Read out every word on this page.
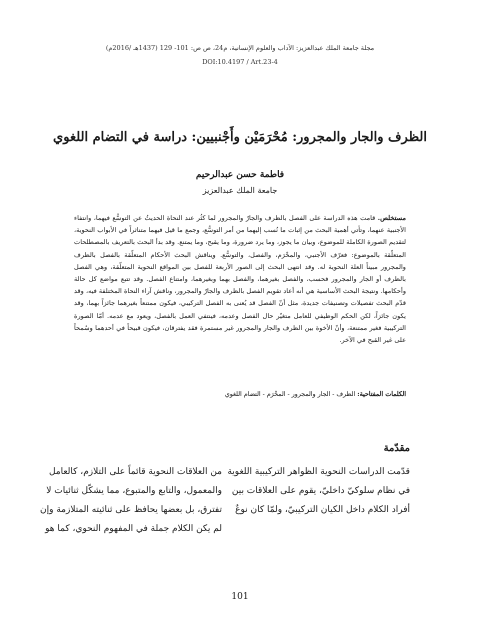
مجلة جامعة الملك عبدالعزيز: الآداب والعلوم الإنسانية، م24، ص ص: 101- 129 (1437هـ /2016م)
DOI:10.4197 / Art.23-4
الظرف والجار والمجرور: مُحْرَمَيْن وأَجْنبيين: دراسة في التضام اللغوي
فاطمة حسن عبدالرحيم
جامعة الملك عبدالعزيز
مستخلص. قامت هذه الدراسة على الفصل بالظرف والجارّ والمجرور لما كثُر عند النحاة الحديثُ عن التوسُّع فيهما، وانتفاء الأجنبية عنهما، وتأتي أهمية البحث من إثبات ما نُسب إليهما من أمر التوسُّع، وجمع ما قيل فيهما متناثراً في الأبواب النحوية، لتقديم الصورة الكاملة للموضوع، وبيان ما يجوز، وما يرد ضرورة، وما يقبح، وما يمتنع. وقد بدأ البحث بالتعريف بالمصطلحات المتعلّقة بالموضوع: فعرّف الأجنبي، والمحْرَم، والفصل، والتوسُّع. ويناقش البحث الأحكام المتعلّقة بالفصل بالظرف والمجرور مبيناً العلة النحوية له. وقد انتهى البحث إلى الصور الأربعة للفصل بين المواقع النحوية المتعلّقة، وهي الفصل بالظرف أو الجار والمجرور فحسب، والفصل بغيرهما، والفصل بهما وبغيرهما، وامتناع الفصل. وقد تتبع مواضع كل حالة وأحكامها. ونتيجة البحث الأساسية هي أنه أعاد تقويم الفصل بالظرف والجارّ والمجرور، وناقش آراء النحاة المختلفة فيه، وقد قدّم البحث تفصيلات وتصنيفات جديدة، مثل أنّ الفصل قد يُعنى به الفصل التركيبي، فيكون ممتنعاً بغيرهما جائزاً بهما، وقد يكون جائزاً، لكن الحكم الوظيفي للعامل متغيّر حال الفصل وعدمه، فينتفي العمل بالفصل، ويعود مع عدمه. أمّا الصورة التركيبية فغير ممتنعة، وأنّ الأخوة بين الظرف والجار والمجرور غير مستمرة فقد يفترقان، فيكون قبيحاً في أحدهما وسُمحاً على غير القبح في الآخر.
الكلمات المفتاحية: الظرف - الجار والمجرور - المحْرَم - التضام اللغوي
مقدّمة
قدّمت الدراسات النحوية الظواهر التركيبية اللغوية
في نظام سلوكيّ داخليّ، يقوم على العلاقات بين
أفراد الكلام داخل الكيان التركيبيّ، ولمّا كان نوعٌ
من العلاقات النحوية قائماً على التلازم، كالعامل
والمعمول، والتابع والمتبوع، مما يشكّل ثنائيات لا
تفترق، بل بعضها يحافظ على ثنائيته المتلازمة وإن
لم يكن الكلام جملة في المفهوم النحوي، كما هو
101
